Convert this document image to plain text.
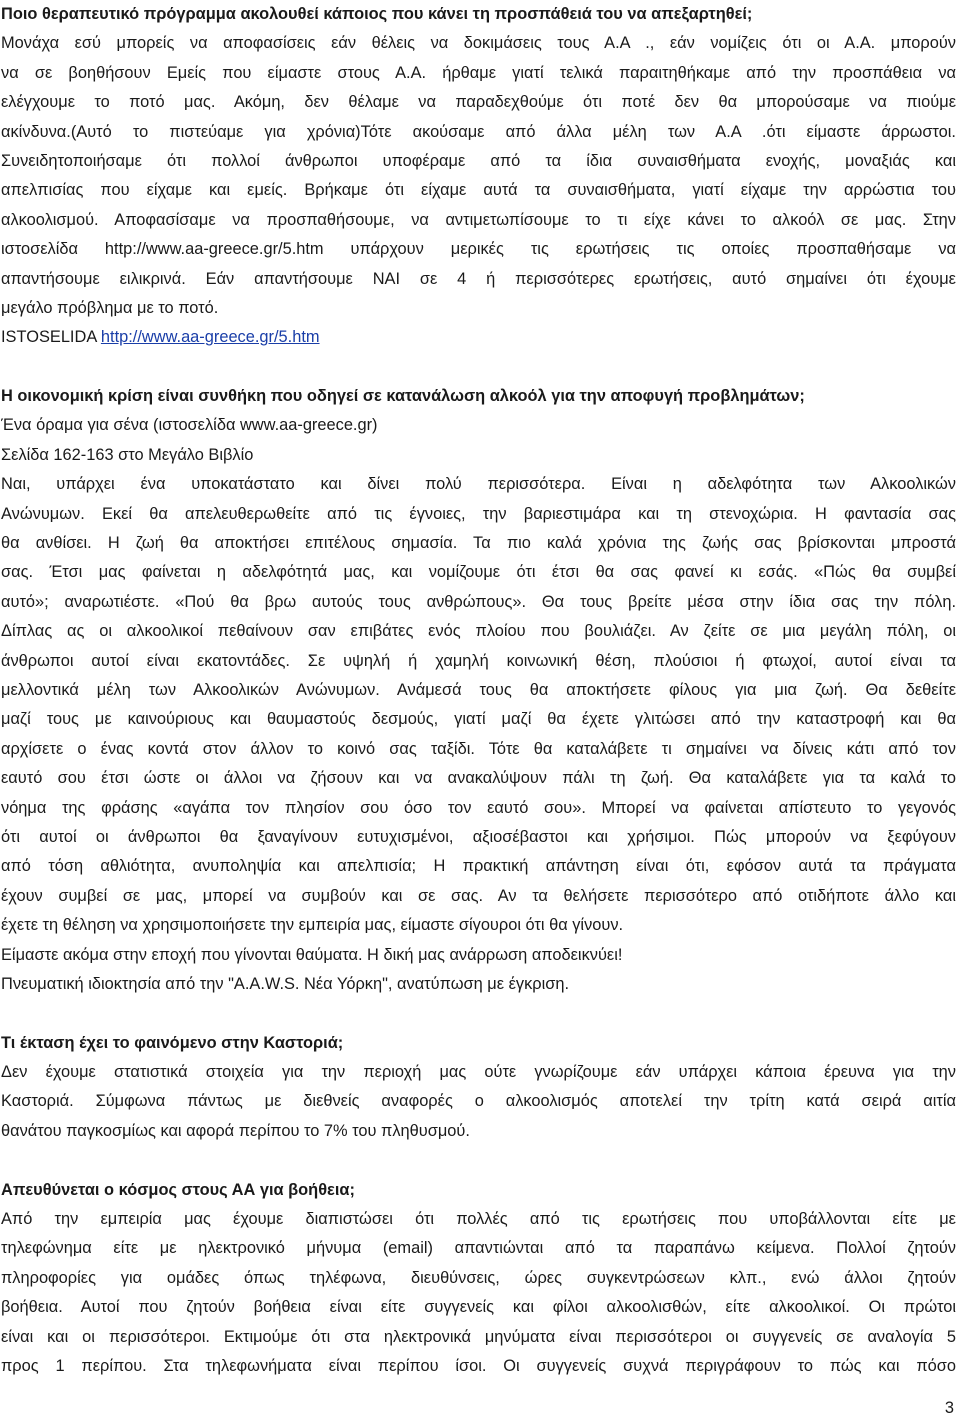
Ποιο θεραπευτικό πρόγραμμα ακολουθεί κάποιος που κάνει τη προσπάθειά του να απεξαρτηθεί;
Μονάχα εσύ μπορείς να αποφασίσεις εάν θέλεις να δοκιμάσεις τους Α.Α ., εάν νομίζεις ότι οι Α.Α. μπορούν
να σε βοηθήσουν Εμείς που είμαστε στους Α.Α. ήρθαμε γιατί τελικά παραιτηθήκαμε από την προσπάθεια να
ελέγχουμε το ποτό μας. Ακόμη, δεν θέλαμε να παραδεχθούμε ότι ποτέ δεν θα μπορούσαμε να πιούμε
ακίνδυνα.(Αυτό το πιστεύαμε για χρόνια)Τότε ακούσαμε από άλλα μέλη των Α.Α .ότι είμαστε άρρωστοι.
Συνειδητοποιήσαμε ότι πολλοί άνθρωποι υποφέραμε από τα ίδια συναισθήματα ενοχής, μοναξιάς και
απελπισίας που είχαμε και εμείς. Βρήκαμε ότι είχαμε αυτά τα συναισθήματα, γιατί είχαμε την αρρώστια του
αλκοολισμού. Αποφασίσαμε να προσπαθήσουμε, να αντιμετωπίσουμε το τι είχε κάνει το αλκοόλ σε μας. Στην
ιστοσελίδα http://www.aa-greece.gr/5.htm υπάρχουν μερικές τις ερωτήσεις τις οποίες προσπαθήσαμε να
απαντήσουμε ειλικρινά. Εάν απαντήσουμε ΝΑΙ σε 4 ή περισσότερες ερωτήσεις, αυτό σημαίνει ότι έχουμε
μεγάλο πρόβλημα με το ποτό.
ISTOSELIDA http://www.aa-greece.gr/5.htm
Η οικονομική κρίση είναι συνθήκη που οδηγεί σε κατανάλωση αλκοόλ για την αποφυγή προβλημάτων;
Ένα όραμα για σένα (ιστοσελίδα www.aa-greece.gr)
Σελίδα 162-163 στο Μεγάλο Βιβλίο
Ναι, υπάρχει ένα υποκατάστατο και δίνει πολύ περισσότερα. Είναι η αδελφότητα των Αλκοολικών
Ανώνυμων. Εκεί θα απελευθερωθείτε από τις έγνοιες, την βαριεστιμάρα και τη στενοχώρια. Η φαντασία σας
θα ανθίσει. Η ζωή θα αποκτήσει επιτέλους σημασία. Τα πιο καλά χρόνια της ζωής σας βρίσκονται μπροστά
σας. Έτσι μας φαίνεται η αδελφότητά μας, και νομίζουμε ότι έτσι θα σας φανεί κι εσάς. «Πώς θα συμβεί
αυτό»; αναρωτιέστε. «Πού θα βρω αυτούς τους ανθρώπους». Θα τους βρείτε μέσα στην ίδια σας την πόλη.
Δίπλας ας οι αλκοολικοί πεθαίνουν σαν επιβάτες ενός πλοίου που βουλιάζει. Αν ζείτε σε μια μεγάλη πόλη, οι
άνθρωποι αυτοί είναι εκατοντάδες. Σε υψηλή ή χαμηλή κοινωνική θέση, πλούσιοι ή φτωχοί, αυτοί είναι τα
μελλοντικά μέλη των Αλκοολικών Ανώνυμων. Ανάμεσά τους θα αποκτήσετε φίλους για μια ζωή. Θα δεθείτε
μαζί τους με καινούριους και θαυμαστούς δεσμούς, γιατί μαζί θα έχετε γλιτώσει από την καταστροφή και θα
αρχίσετε ο ένας κοντά στον άλλον το κοινό σας ταξίδι. Τότε θα καταλάβετε τι σημαίνει να δίνεις κάτι από τον
εαυτό σου έτσι ώστε οι άλλοι να ζήσουν και να ανακαλύψουν πάλι τη ζωή. Θα καταλάβετε για τα καλά το
νόημα της φράσης «αγάπα τον πλησίον σου όσο τον εαυτό σου». Μπορεί να φαίνεται απίστευτο το γεγονός
ότι αυτοί οι άνθρωποι θα ξαναγίνουν ευτυχισμένοι, αξιοσέβαστοι και χρήσιμοι. Πώς μπορούν να ξεφύγουν
από τόση αθλιότητα, ανυποληψία και απελπισία; Η πρακτική απάντηση είναι ότι, εφόσον αυτά τα πράγματα
έχουν συμβεί σε μας, μπορεί να συμβούν και σε σας. Αν τα θελήσετε περισσότερο από οτιδήποτε άλλο και
έχετε τη θέληση να χρησιμοποιήσετε την εμπειρία μας, είμαστε σίγουροι ότι θα γίνουν.
Είμαστε ακόμα στην εποχή που γίνονται θαύματα. Η δική μας ανάρρωση αποδεικνύει!
Πνευματική ιδιοκτησία από την "A.A.W.S. Νέα Υόρκη", ανατύπωση με έγκριση.
Τι έκταση έχει το φαινόμενο στην Καστοριά;
Δεν έχουμε στατιστικά στοιχεία για την περιοχή μας ούτε γνωρίζουμε εάν υπάρχει κάποια έρευνα για την
Καστοριά. Σύμφωνα πάντως με διεθνείς αναφορές ο αλκοολισμός αποτελεί την τρίτη κατά σειρά αιτία
θανάτου παγκοσμίως και αφορά περίπου το 7% του πληθυσμού.
Απευθύνεται ο κόσμος στους ΑΑ για βοήθεια;
Από την εμπειρία μας έχουμε διαπιστώσει ότι πολλές από τις ερωτήσεις που υποβάλλονται είτε με
τηλεφώνημα είτε με ηλεκτρονικό μήνυμα (email) απαντιώνται από τα παραπάνω κείμενα. Πολλοί ζητούν
πληροφορίες για ομάδες όπως τηλέφωνα, διευθύνσεις, ώρες συγκεντρώσεων κλπ., ενώ άλλοι ζητούν
βοήθεια. Αυτοί που ζητούν βοήθεια είναι είτε συγγενείς και φίλοι αλκοολισθών, είτε αλκοολικοί. Οι πρώτοι
είναι και οι περισσότεροι. Εκτιμούμε ότι στα ηλεκτρονικά μηνύματα είναι περισσότεροι οι συγγενείς σε αναλογία 5
προς 1 περίπου. Στα τηλεφωνήματα είναι περίπου ίσοι. Οι συγγενείς συχνά περιγράφουν το πώς και πόσο
3
